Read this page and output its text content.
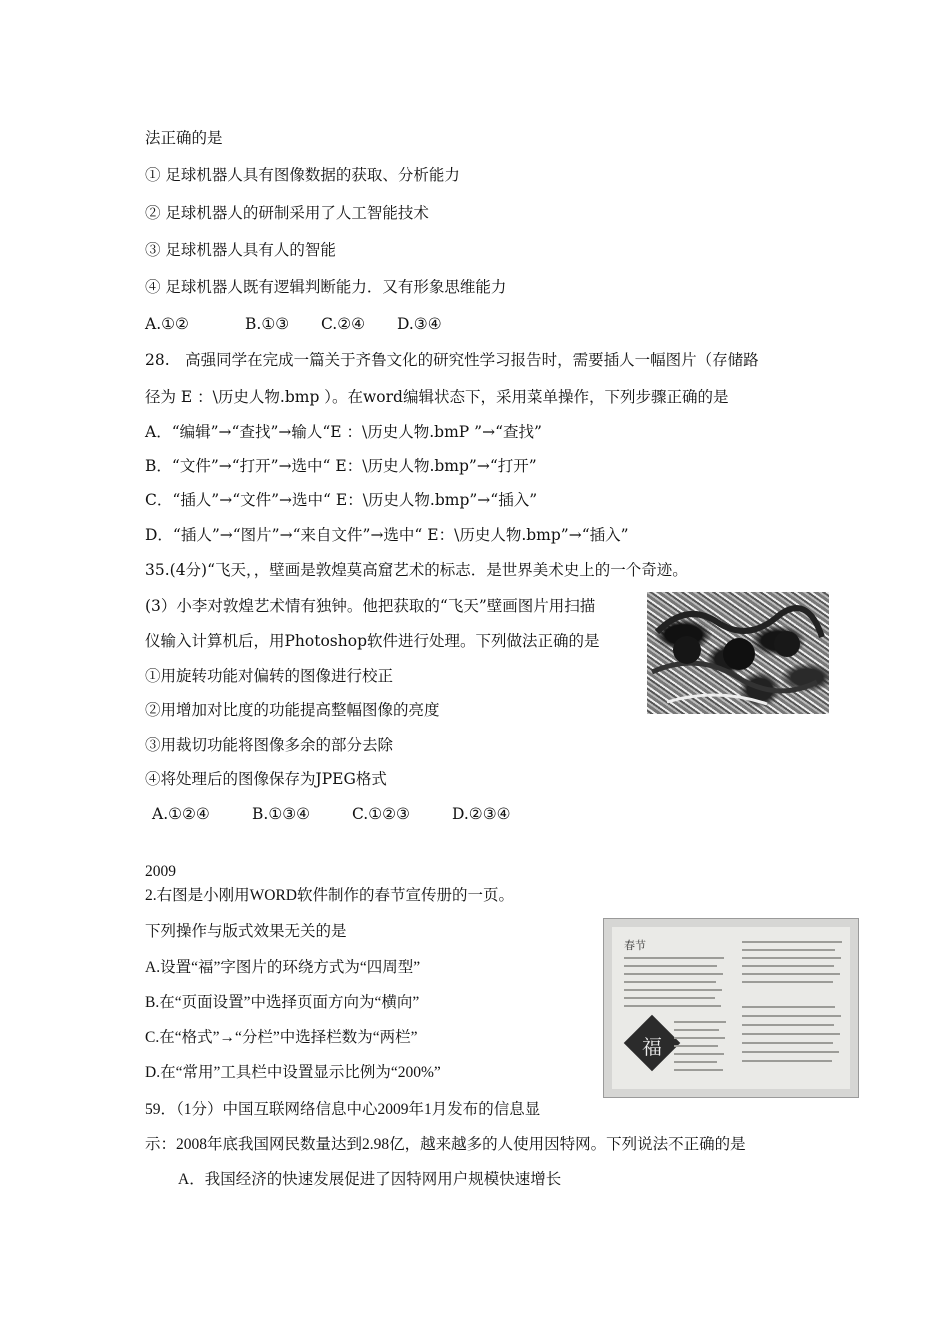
法正确的是
① 足球机器人具有图像数据的获取、分析能力
② 足球机器人的研制采用了人工智能技术
③ 足球机器人具有人的智能
④ 足球机器人既有逻辑判断能力．又有形象思维能力
A.①②	B.①③ C.②④ D.③④
28.　高强同学在完成一篇关于齐鲁文化的研究性学习报告时，需要插人一幅图片（存储路
径为 E ：\历史人物.bmp ）。在word编辑状态下，采用菜单操作，下列步骤正确的是
A．“编辑”→“查找”→输人“E ：\历史人物.bmP ”→“查找”
B．“文件”→“打开”→选中“ E：\历史人物.bmp”→“打开”
C．“插人”→“文件”→选中“ E：\历史人物.bmp”→“插入”
D．“插人”→“图片”→“来自文件”→选中“ E：\历史人物.bmp”→“插入”
35.(4分)“飞天，，壁画是敦煌莫高窟艺术的标志．是世界美术史上的一个奇迹。
(3）小李对敦煌艺术情有独钟。他把获取的“飞天”壁画图片用扫描
仪输入计算机后，用Photoshop软件进行处理。下列做法正确的是
①用旋转功能对偏转的图像进行校正
②用增加对比度的功能提高整幅图像的亮度
③用裁切功能将图像多余的部分去除
④将处理后的图像保存为JPEG格式
A.①②④	B.①③④	C.①②③	D.②③④
2009
2.右图是小刚用WORD软件制作的春节宣传册的一页。
下列操作与版式效果无关的是
A.设置“福”字图片的环绕方式为“四周型”
B.在“页面设置”中选择页面方向为“横向”
C.在“格式”→“分栏”中选择栏数为“两栏”
D.在“常用”工具栏中设置显示比例为“200%”
春节
福
59．（1分）中国互联网络信息中心2009年1月发布的信息显
示：2008年底我国网民数量达到2.98亿，越来越多的人使用因特网。下列说法不正确的是
A．我国经济的快速发展促进了因特网用户规模快速增长
